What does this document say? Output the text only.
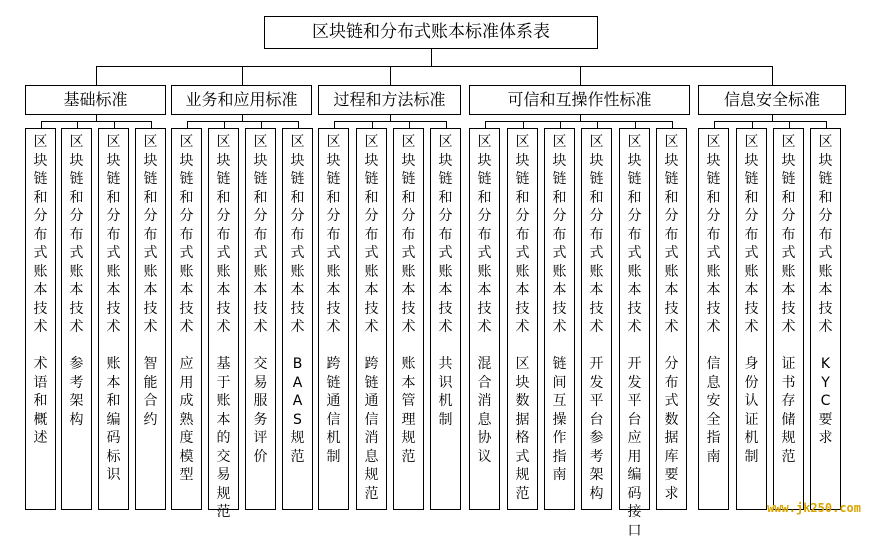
区块链和分布式账本标准体系表
基础标准	业务和应用标准	过程和方法标准	可信和互操作性标准	信息安全标准
区块链和分布式账本技术
术语和概述
区块链和分布式账本技术
参考架构
区块链和分布式账本技术
账本和编码标识
区块链和分布式账本技术
智能合约
区块链和分布式账本技术
应用成熟度模型
区块链和分布式账本技术
基于账本的交易规范
区块链和分布式账本技术
交易服务评价
区块链和分布式账本技术
BAAS规范
区块链和分布式账本技术
跨链通信机制
区块链和分布式账本技术
跨链通信消息规范
区块链和分布式账本技术
账本管理规范
区块链和分布式账本技术
共识机制
区块链和分布式账本技术
混合消息协议
区块链和分布式账本技术
区块数据格式规范
区块链和分布式账本技术
链间互操作指南
区块链和分布式账本技术
开发平台参考架构
区块链和分布式账本技术
开发平台应用编码接口
区块链和分布式账本技术
分布式数据库要求
区块链和分布式账本技术
信息安全指南
区块链和分布式账本技术
身份认证机制
区块链和分布式账本技术
证书存储规范
区块链和分布式账本技术
KYC要求
www.jk250.com
